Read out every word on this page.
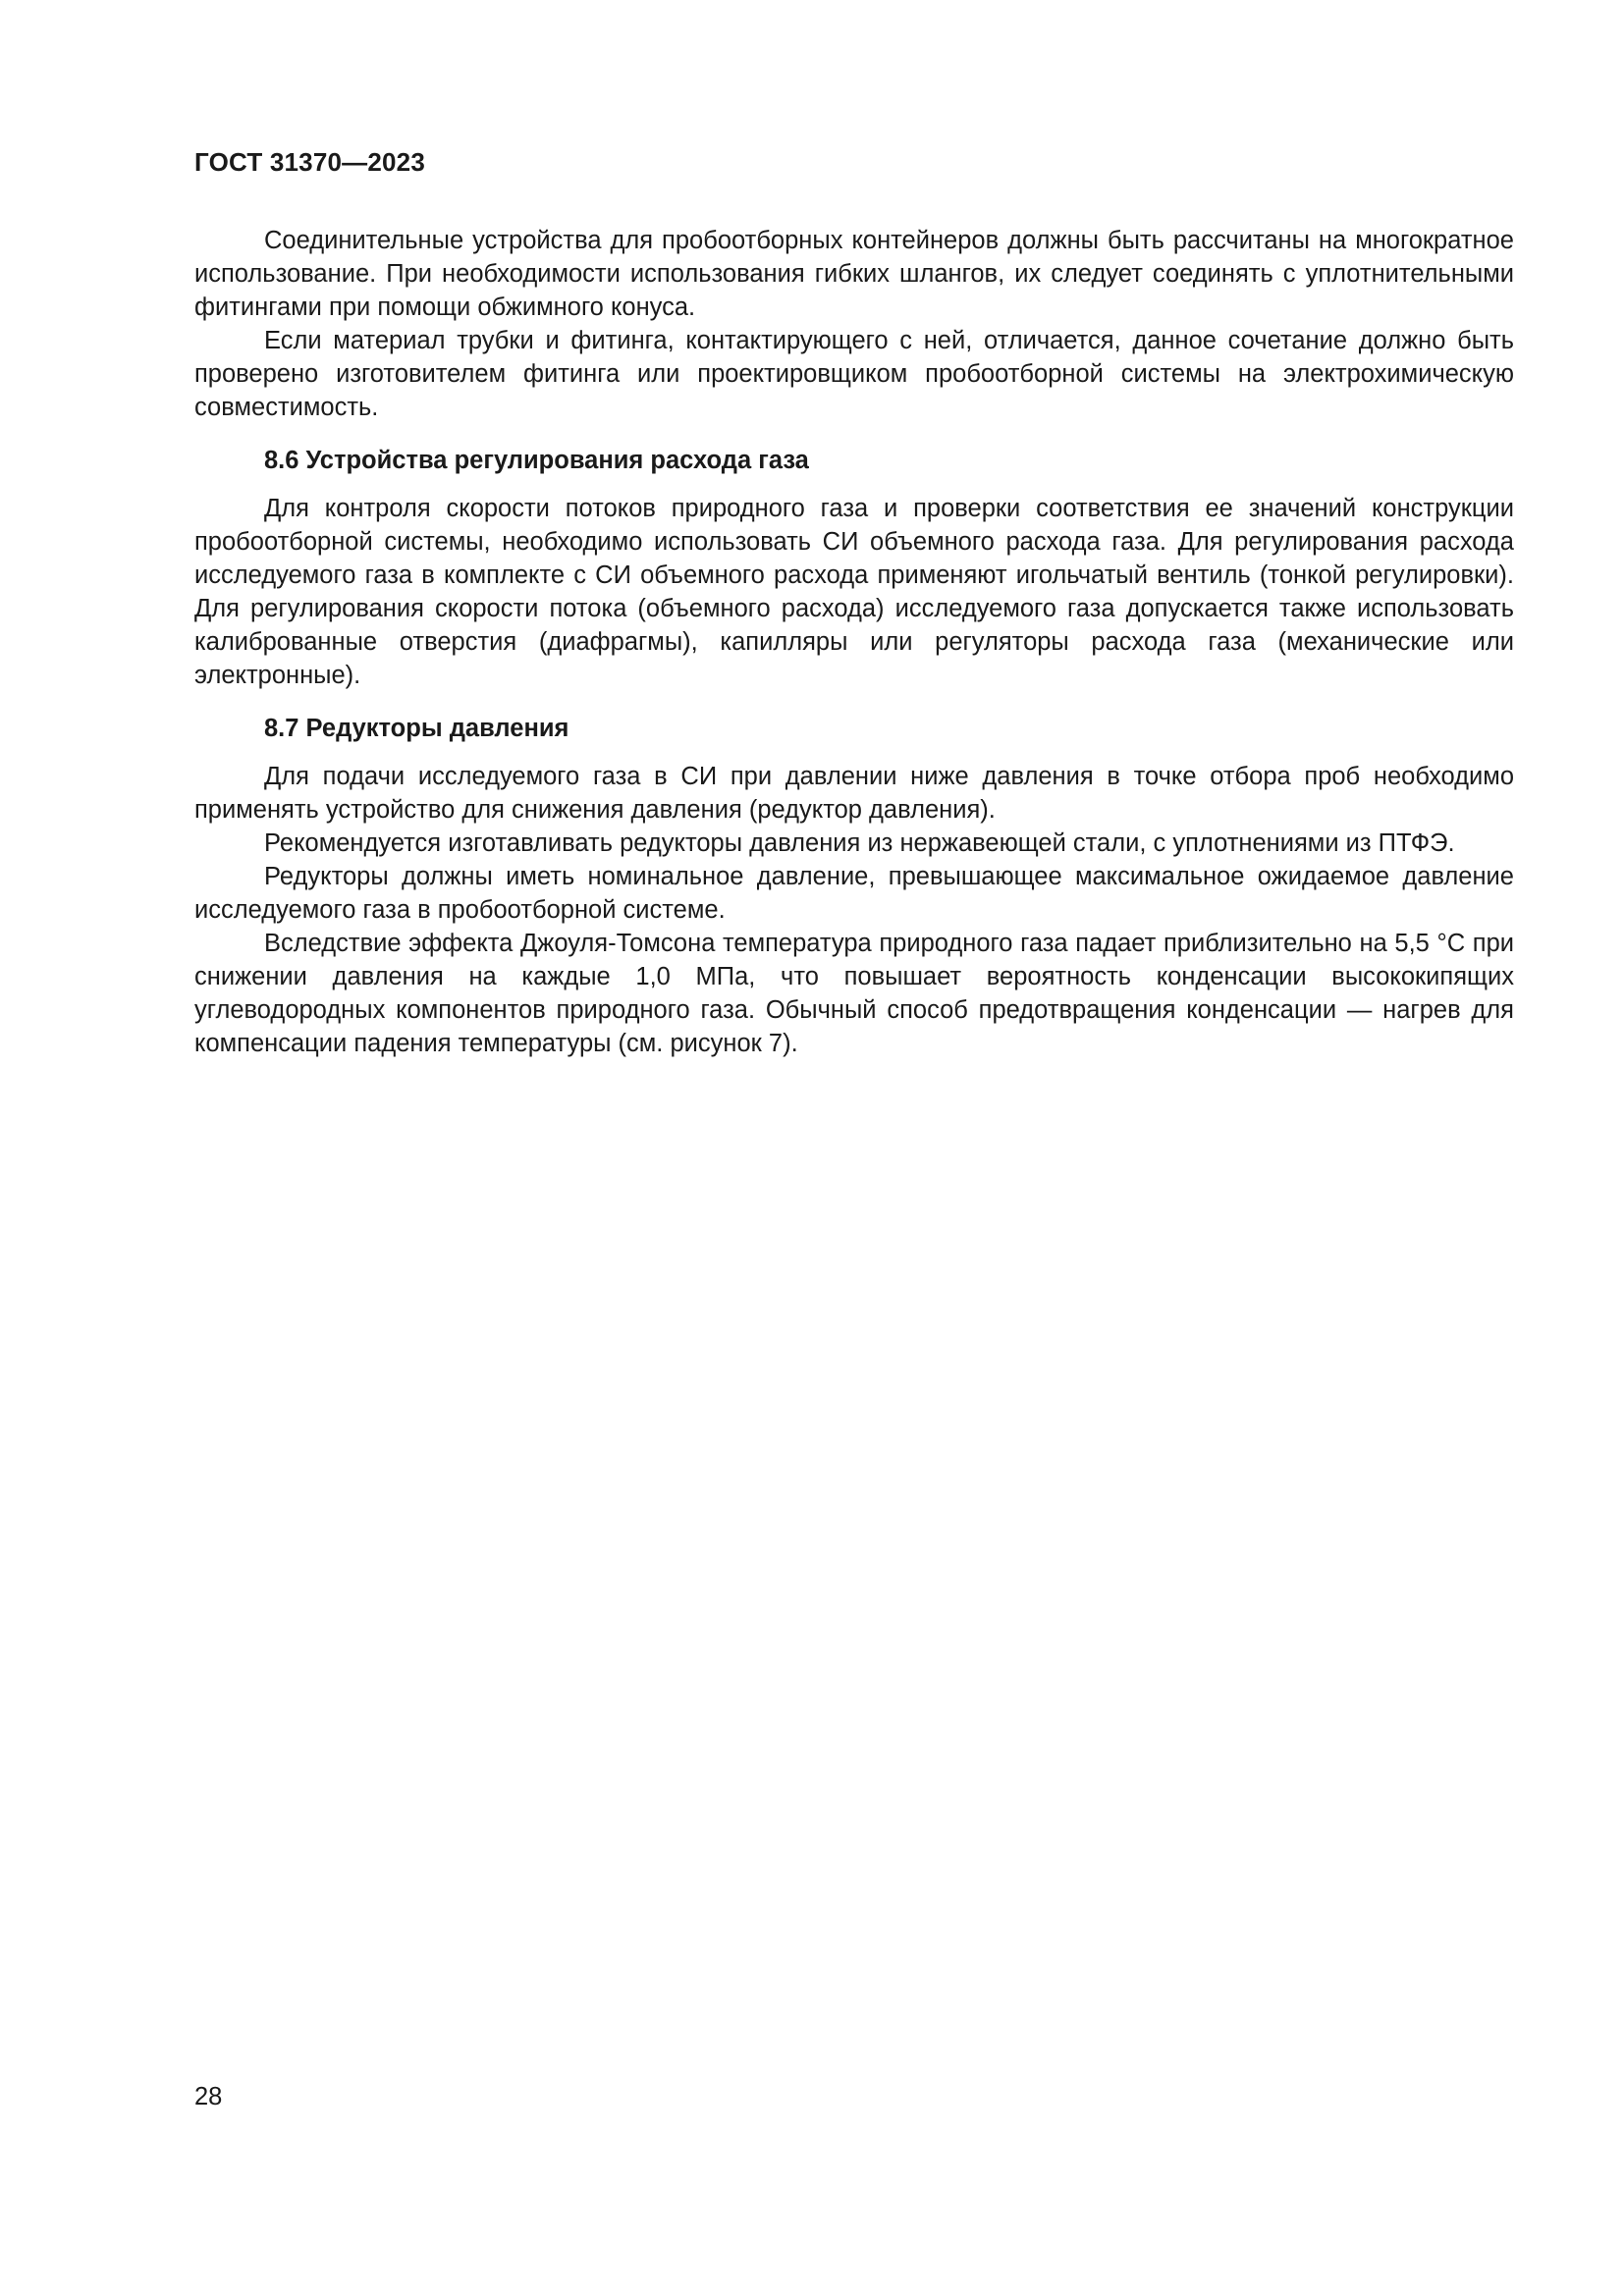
ГОСТ 31370—2023

Соединительные устройства для пробоотборных контейнеров должны быть рассчитаны на многократное использование. При необходимости использования гибких шлангов, их следует соединять с уплотнительными фитингами при помощи обжимного конуса.

Если материал трубки и фитинга, контактирующего с ней, отличается, данное сочетание должно быть проверено изготовителем фитинга или проектировщиком пробоотборной системы на электрохимическую совместимость.

8.6 Устройства регулирования расхода газа

Для контроля скорости потоков природного газа и проверки соответствия ее значений конструкции пробоотборной системы, необходимо использовать СИ объемного расхода газа. Для регулирования расхода исследуемого газа в комплекте с СИ объемного расхода применяют игольчатый вентиль (тонкой регулировки). Для регулирования скорости потока (объемного расхода) исследуемого газа допускается также использовать калиброванные отверстия (диафрагмы), капилляры или регуляторы расхода газа (механические или электронные).

8.7 Редукторы давления

Для подачи исследуемого газа в СИ при давлении ниже давления в точке отбора проб необходимо применять устройство для снижения давления (редуктор давления).

Рекомендуется изготавливать редукторы давления из нержавеющей стали, с уплотнениями из ПТФЭ.

Редукторы должны иметь номинальное давление, превышающее максимальное ожидаемое давление исследуемого газа в пробоотборной системе.

Вследствие эффекта Джоуля-Томсона температура природного газа падает приблизительно на 5,5 °С при снижении давления на каждые 1,0 МПа, что повышает вероятность конденсации высококипящих углеводородных компонентов природного газа. Обычный способ предотвращения конденсации — нагрев для компенсации падения температуры (см. рисунок 7).

28
